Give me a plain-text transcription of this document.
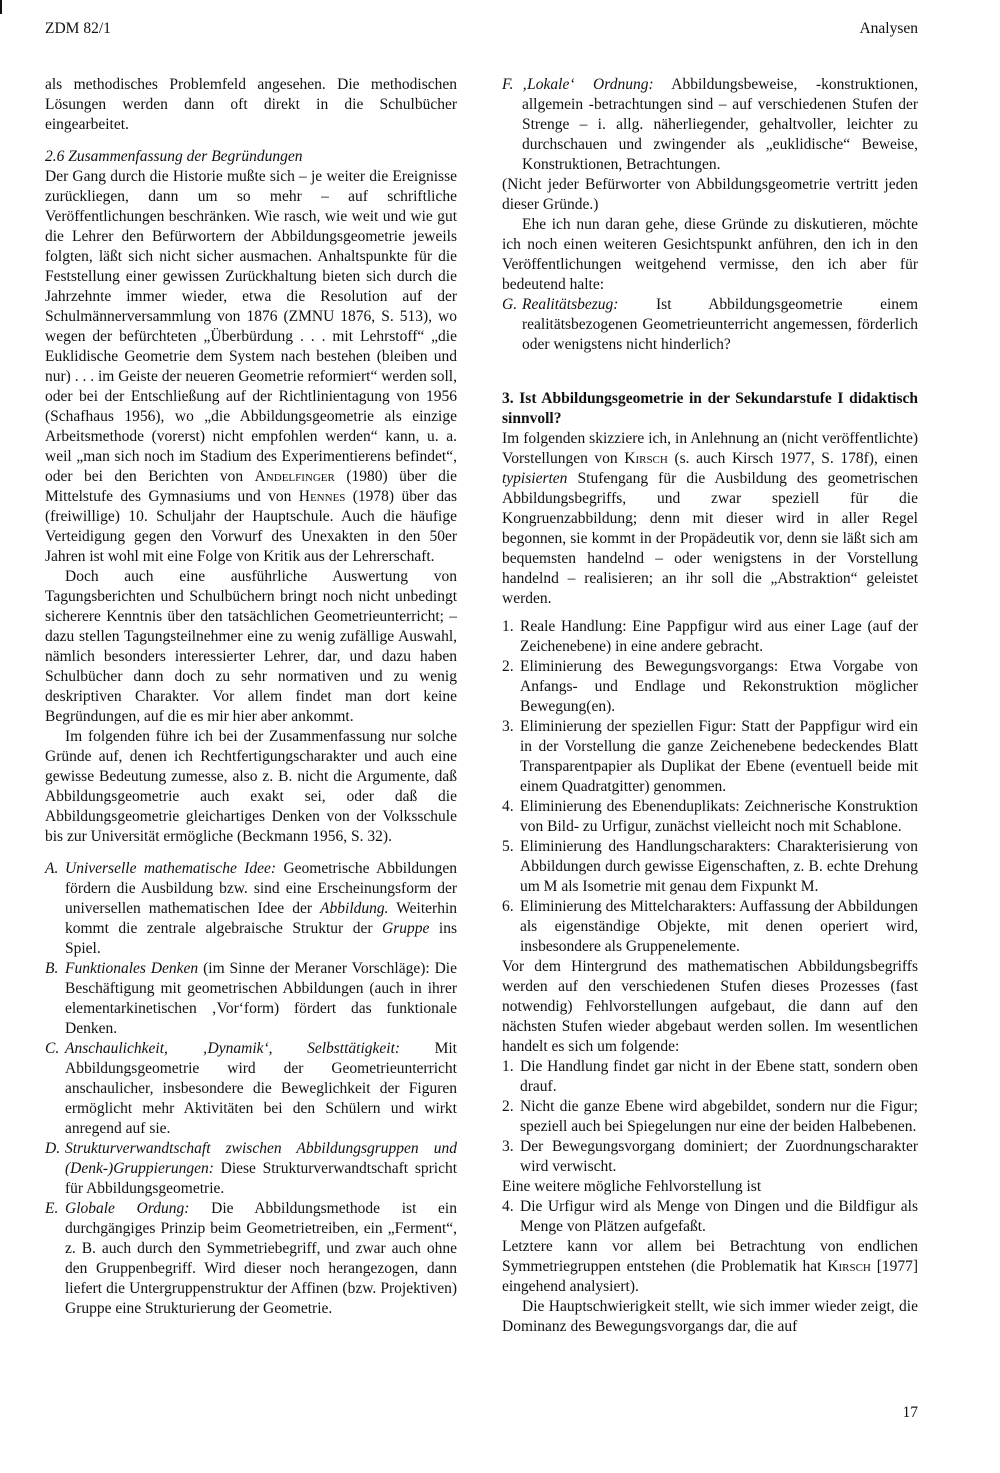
ZDM 82/1	Analysen

als methodisches Problemfeld angesehen. Die methodischen Lösungen werden dann oft direkt in die Schulbücher eingearbeitet.

2.6 Zusammenfassung der Begründungen

Der Gang durch die Historie mußte sich – je weiter die Ereignisse zurückliegen, dann um so mehr – auf schriftliche Veröffentlichungen beschränken. Wie rasch, wie weit und wie gut die Lehrer den Befürwortern der Abbildungsgeometrie jeweils folgten, läßt sich nicht sicher ausmachen. Anhaltspunkte für die Feststellung einer gewissen Zurückhaltung bieten sich durch die Jahrzehnte immer wieder, etwa die Resolution auf der Schulmännerversammlung von 1876 (ZMNU 1876, S. 513), wo wegen der befürchteten „Überbürdung . . . mit Lehrstoff“ „die Euklidische Geometrie dem System nach bestehen (bleiben und nur) . . . im Geiste der neueren Geometrie reformiert“ werden soll, oder bei der Entschließung auf der Richtlinientagung von 1956 (Schafhaus 1956), wo „die Abbildungsgeometrie als einzige Arbeitsmethode (vorerst) nicht empfohlen werden“ kann, u. a. weil „man sich noch im Stadium des Experimentierens befindet“, oder bei den Berichten von Andelfinger (1980) über die Mittelstufe des Gymnasiums und von Hennes (1978) über das (freiwillige) 10. Schuljahr der Hauptschule. Auch die häufige Verteidigung gegen den Vorwurf des Unexakten in den 50er Jahren ist wohl mit eine Folge von Kritik aus der Lehrerschaft.

Doch auch eine ausführliche Auswertung von Tagungsberichten und Schulbüchern bringt noch nicht unbedingt sicherere Kenntnis über den tatsächlichen Geometrieunterricht; – dazu stellen Tagungsteilnehmer eine zu wenig zufällige Auswahl, nämlich besonders interessierter Lehrer, dar, und dazu haben Schulbücher dann doch zu sehr normativen und zu wenig deskriptiven Charakter. Vor allem findet man dort keine Begründungen, auf die es mir hier aber ankommt.

Im folgenden führe ich bei der Zusammenfassung nur solche Gründe auf, denen ich Rechtfertigungscharakter und auch eine gewisse Bedeutung zumesse, also z. B. nicht die Argumente, daß Abbildungsgeometrie auch exakt sei, oder daß die Abbildungsgeometrie gleichartiges Denken von der Volksschule bis zur Universität ermögliche (Beckmann 1956, S. 32).

A. Universelle mathematische Idee: Geometrische Abbildungen fördern die Ausbildung bzw. sind eine Erscheinungsform der universellen mathematischen Idee der Abbildung. Weiterhin kommt die zentrale algebraische Struktur der Gruppe ins Spiel.
B. Funktionales Denken (im Sinne der Meraner Vorschläge): Die Beschäftigung mit geometrischen Abbildungen (auch in ihrer elementarkinetischen ‚Vor‘form) fördert das funktionale Denken.
C. Anschaulichkeit, ‚Dynamik‘, Selbsttätigkeit: Mit Abbildungsgeometrie wird der Geometrieunterricht anschaulicher, insbesondere die Beweglichkeit der Figuren ermöglicht mehr Aktivitäten bei den Schülern und wirkt anregend auf sie.
D. Strukturverwandtschaft zwischen Abbildungsgruppen und (Denk-)Gruppierungen: Diese Strukturverwandtschaft spricht für Abbildungsgeometrie.
E. Globale Ordung: Die Abbildungsmethode ist ein durchgängiges Prinzip beim Geometrietreiben, ein „Ferment“, z. B. auch durch den Symmetriebegriff, und zwar auch ohne den Gruppenbegriff. Wird dieser noch herangezogen, dann liefert die Untergruppenstruktur der Affinen (bzw. Projektiven) Gruppe eine Strukturierung der Geometrie.
F. ‚Lokale‘ Ordnung: Abbildungsbeweise, -konstruktionen, allgemein -betrachtungen sind – auf verschiedenen Stufen der Strenge – i. allg. näherliegender, gehaltvoller, leichter zu durchschauen und zwingender als „euklidische“ Beweise, Konstruktionen, Betrachtungen.

(Nicht jeder Befürworter von Abbildungsgeometrie vertritt jeden dieser Gründe.)

Ehe ich nun daran gehe, diese Gründe zu diskutieren, möchte ich noch einen weiteren Gesichtspunkt anführen, den ich in den Veröffentlichungen weitgehend vermisse, den ich aber für bedeutend halte:

G. Realitätsbezug: Ist Abbildungsgeometrie einem realitätsbezogenen Geometrieunterricht angemessen, förderlich oder wenigstens nicht hinderlich?

3. Ist Abbildungsgeometrie in der Sekundarstufe I didaktisch sinnvoll?

Im folgenden skizziere ich, in Anlehnung an (nicht veröffentlichte) Vorstellungen von Kirsch (s. auch Kirsch 1977, S. 178f), einen typisierten Stufengang für die Ausbildung des geometrischen Abbildungsbegriffs, und zwar speziell für die Kongruenzabbildung; denn mit dieser wird in aller Regel begonnen, sie kommt in der Propädeutik vor, denn sie läßt sich am bequemsten handelnd – oder wenigstens in der Vorstellung handelnd – realisieren; an ihr soll die „Abstraktion“ geleistet werden.

1. Reale Handlung: Eine Pappfigur wird aus einer Lage (auf der Zeichenebene) in eine andere gebracht.
2. Eliminierung des Bewegungsvorgangs: Etwa Vorgabe von Anfangs- und Endlage und Rekonstruktion möglicher Bewegung(en).
3. Eliminierung der speziellen Figur: Statt der Pappfigur wird ein in der Vorstellung die ganze Zeichenebene bedeckendes Blatt Transparentpapier als Duplikat der Ebene (eventuell beide mit einem Quadratgitter) genommen.
4. Eliminierung des Ebenenduplikats: Zeichnerische Konstruktion von Bild- zu Urfigur, zunächst vielleicht noch mit Schablone.
5. Eliminierung des Handlungscharakters: Charakterisierung von Abbildungen durch gewisse Eigenschaften, z. B. echte Drehung um M als Isometrie mit genau dem Fixpunkt M.
6. Eliminierung des Mittelcharakters: Auffassung der Abbildungen als eigenständige Objekte, mit denen operiert wird, insbesondere als Gruppenelemente.

Vor dem Hintergrund des mathematischen Abbildungsbegriffs werden auf den verschiedenen Stufen dieses Prozesses (fast notwendig) Fehlvorstellungen aufgebaut, die dann auf den nächsten Stufen wieder abgebaut werden sollen. Im wesentlichen handelt es sich um folgende:

1. Die Handlung findet gar nicht in der Ebene statt, sondern oben drauf.
2. Nicht die ganze Ebene wird abgebildet, sondern nur die Figur; speziell auch bei Spiegelungen nur eine der beiden Halbebenen.
3. Der Bewegungsvorgang dominiert; der Zuordnungscharakter wird verwischt.

Eine weitere mögliche Fehlvorstellung ist

4. Die Urfigur wird als Menge von Dingen und die Bildfigur als Menge von Plätzen aufgefaßt.

Letztere kann vor allem bei Betrachtung von endlichen Symmetriegruppen entstehen (die Problematik hat Kirsch [1977] eingehend analysiert).

Die Hauptschwierigkeit stellt, wie sich immer wieder zeigt, die Dominanz des Bewegungsvorgangs dar, die auf

17
